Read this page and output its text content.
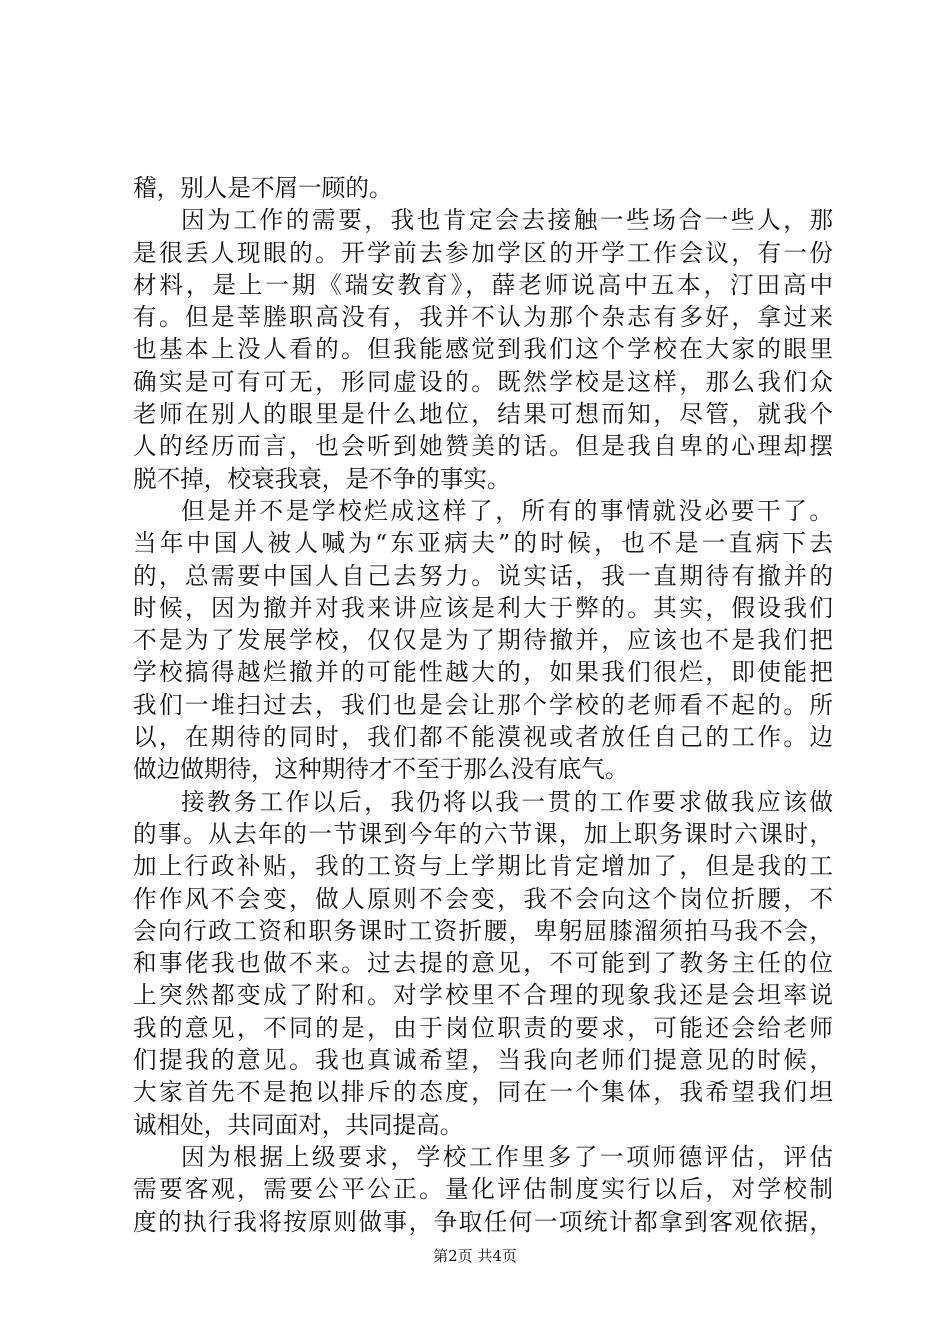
稽，别人是不屑一顾的。
因为工作的需要，我也肯定会去接触一些场合一些人，那
是很丢人现眼的。开学前去参加学区的开学工作会议，有一份
材料，是上一期《瑞安教育》，薛老师说高中五本，汀田高中
有。但是莘塍职高没有，我并不认为那个杂志有多好，拿过来
也基本上没人看的。但我能感觉到我们这个学校在大家的眼里
确实是可有可无，形同虚设的。既然学校是这样，那么我们众
老师在别人的眼里是什么地位，结果可想而知，尽管，就我个
人的经历而言，也会听到她赞美的话。但是我自卑的心理却摆
脱不掉，校衰我衰，是不争的事实。
但是并不是学校烂成这样了，所有的事情就没必要干了。
当年中国人被人喊为“东亚病夫”的时候，也不是一直病下去
的，总需要中国人自己去努力。说实话，我一直期待有撤并的
时候，因为撤并对我来讲应该是利大于弊的。其实，假设我们
不是为了发展学校，仅仅是为了期待撤并，应该也不是我们把
学校搞得越烂撤并的可能性越大的，如果我们很烂，即使能把
我们一堆扫过去，我们也是会让那个学校的老师看不起的。所
以，在期待的同时，我们都不能漠视或者放任自己的工作。边
做边做期待，这种期待才不至于那么没有底气。
接教务工作以后，我仍将以我一贯的工作要求做我应该做
的事。从去年的一节课到今年的六节课，加上职务课时六课时，
加上行政补贴，我的工资与上学期比肯定增加了，但是我的工
作作风不会变，做人原则不会变，我不会向这个岗位折腰，不
会向行政工资和职务课时工资折腰，卑躬屈膝溜须拍马我不会，
和事佬我也做不来。过去提的意见，不可能到了教务主任的位
上突然都变成了附和。对学校里不合理的现象我还是会坦率说
我的意见，不同的是，由于岗位职责的要求，可能还会给老师
们提我的意见。我也真诚希望，当我向老师们提意见的时候，
大家首先不是抱以排斥的态度，同在一个集体，我希望我们坦
诚相处，共同面对，共同提高。
因为根据上级要求，学校工作里多了一项师德评估，评估
需要客观，需要公平公正。量化评估制度实行以后，对学校制
度的执行我将按原则做事，争取任何一项统计都拿到客观依据，
第2页 共4页
